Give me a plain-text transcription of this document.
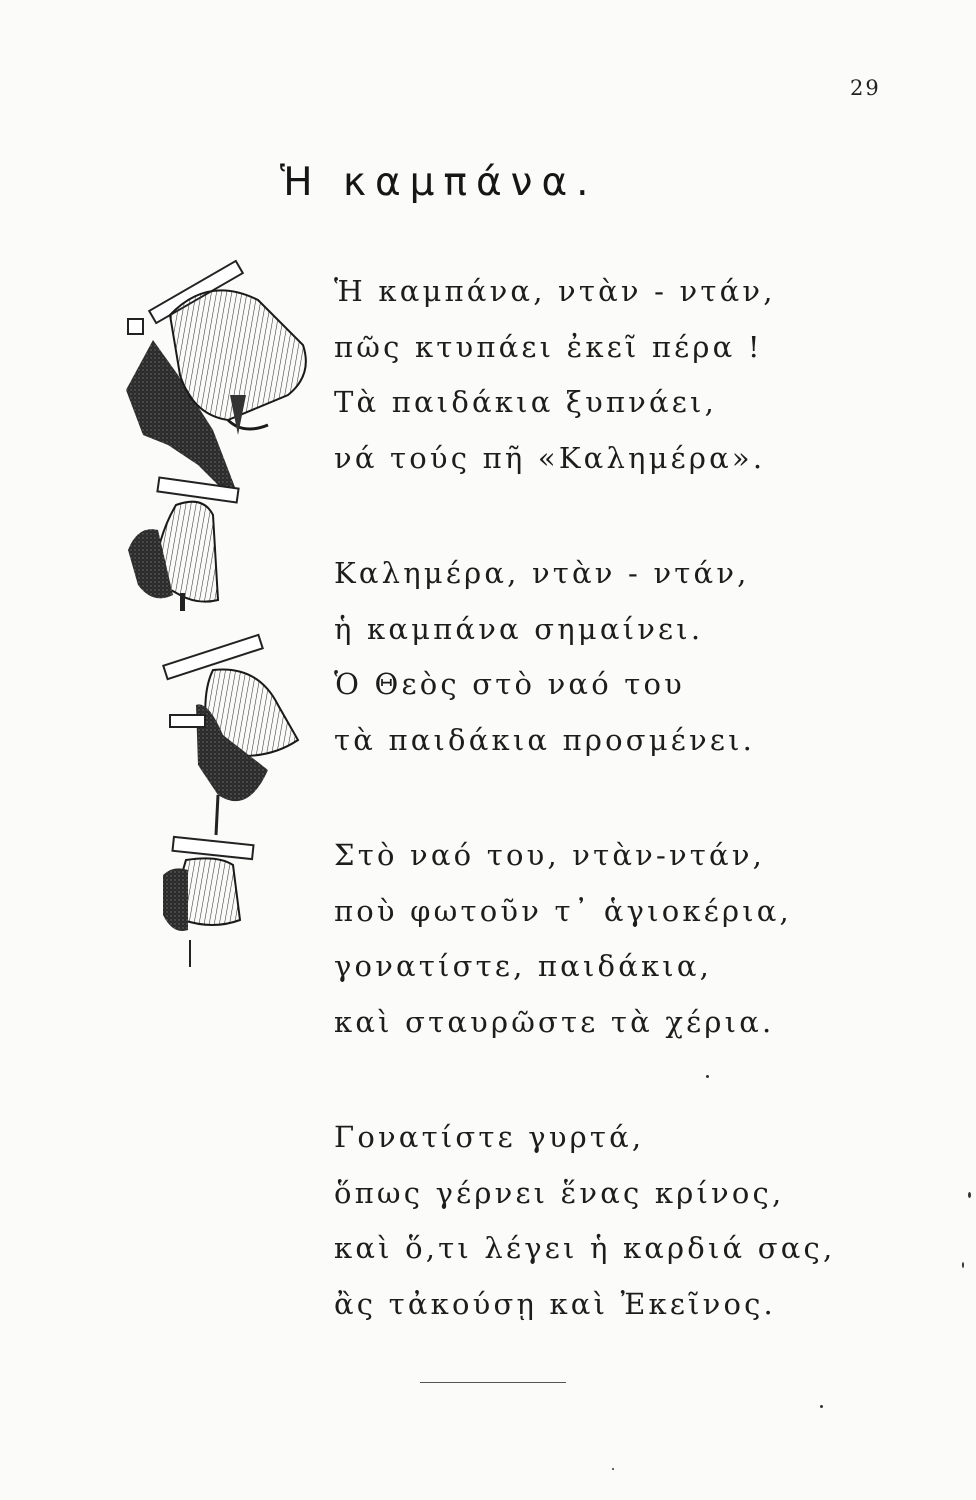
29
Ἡ καμπάνα.
Ἡ καμπάνα, ντὰν - ντάν,
πῶς κτυπάει ἐκεῖ πέρα !
Τὰ παιδάκια ξυπνάει,
νά τούς πῆ «Καλημέρα».
Καλημέρα, ντὰν - ντάν,
ἡ καμπάνα σημαίνει.
Ὁ Θεὸς στὸ ναό του
τὰ παιδάκια προσμένει.
Στὸ ναό του, ντὰν-ντάν,
ποὺ φωτοῦν τ᾿ ἁγιοκέρια,
γονατίστε, παιδάκια,
καὶ σταυρῶστε τὰ χέρια.
Γονατίστε γυρτά,
ὅπως γέρνει ἕνας κρίνος,
καὶ ὅ,τι λέγει ἡ καρδιά σας,
ἂς τἀκούσῃ καὶ Ἐκεῖνος.
